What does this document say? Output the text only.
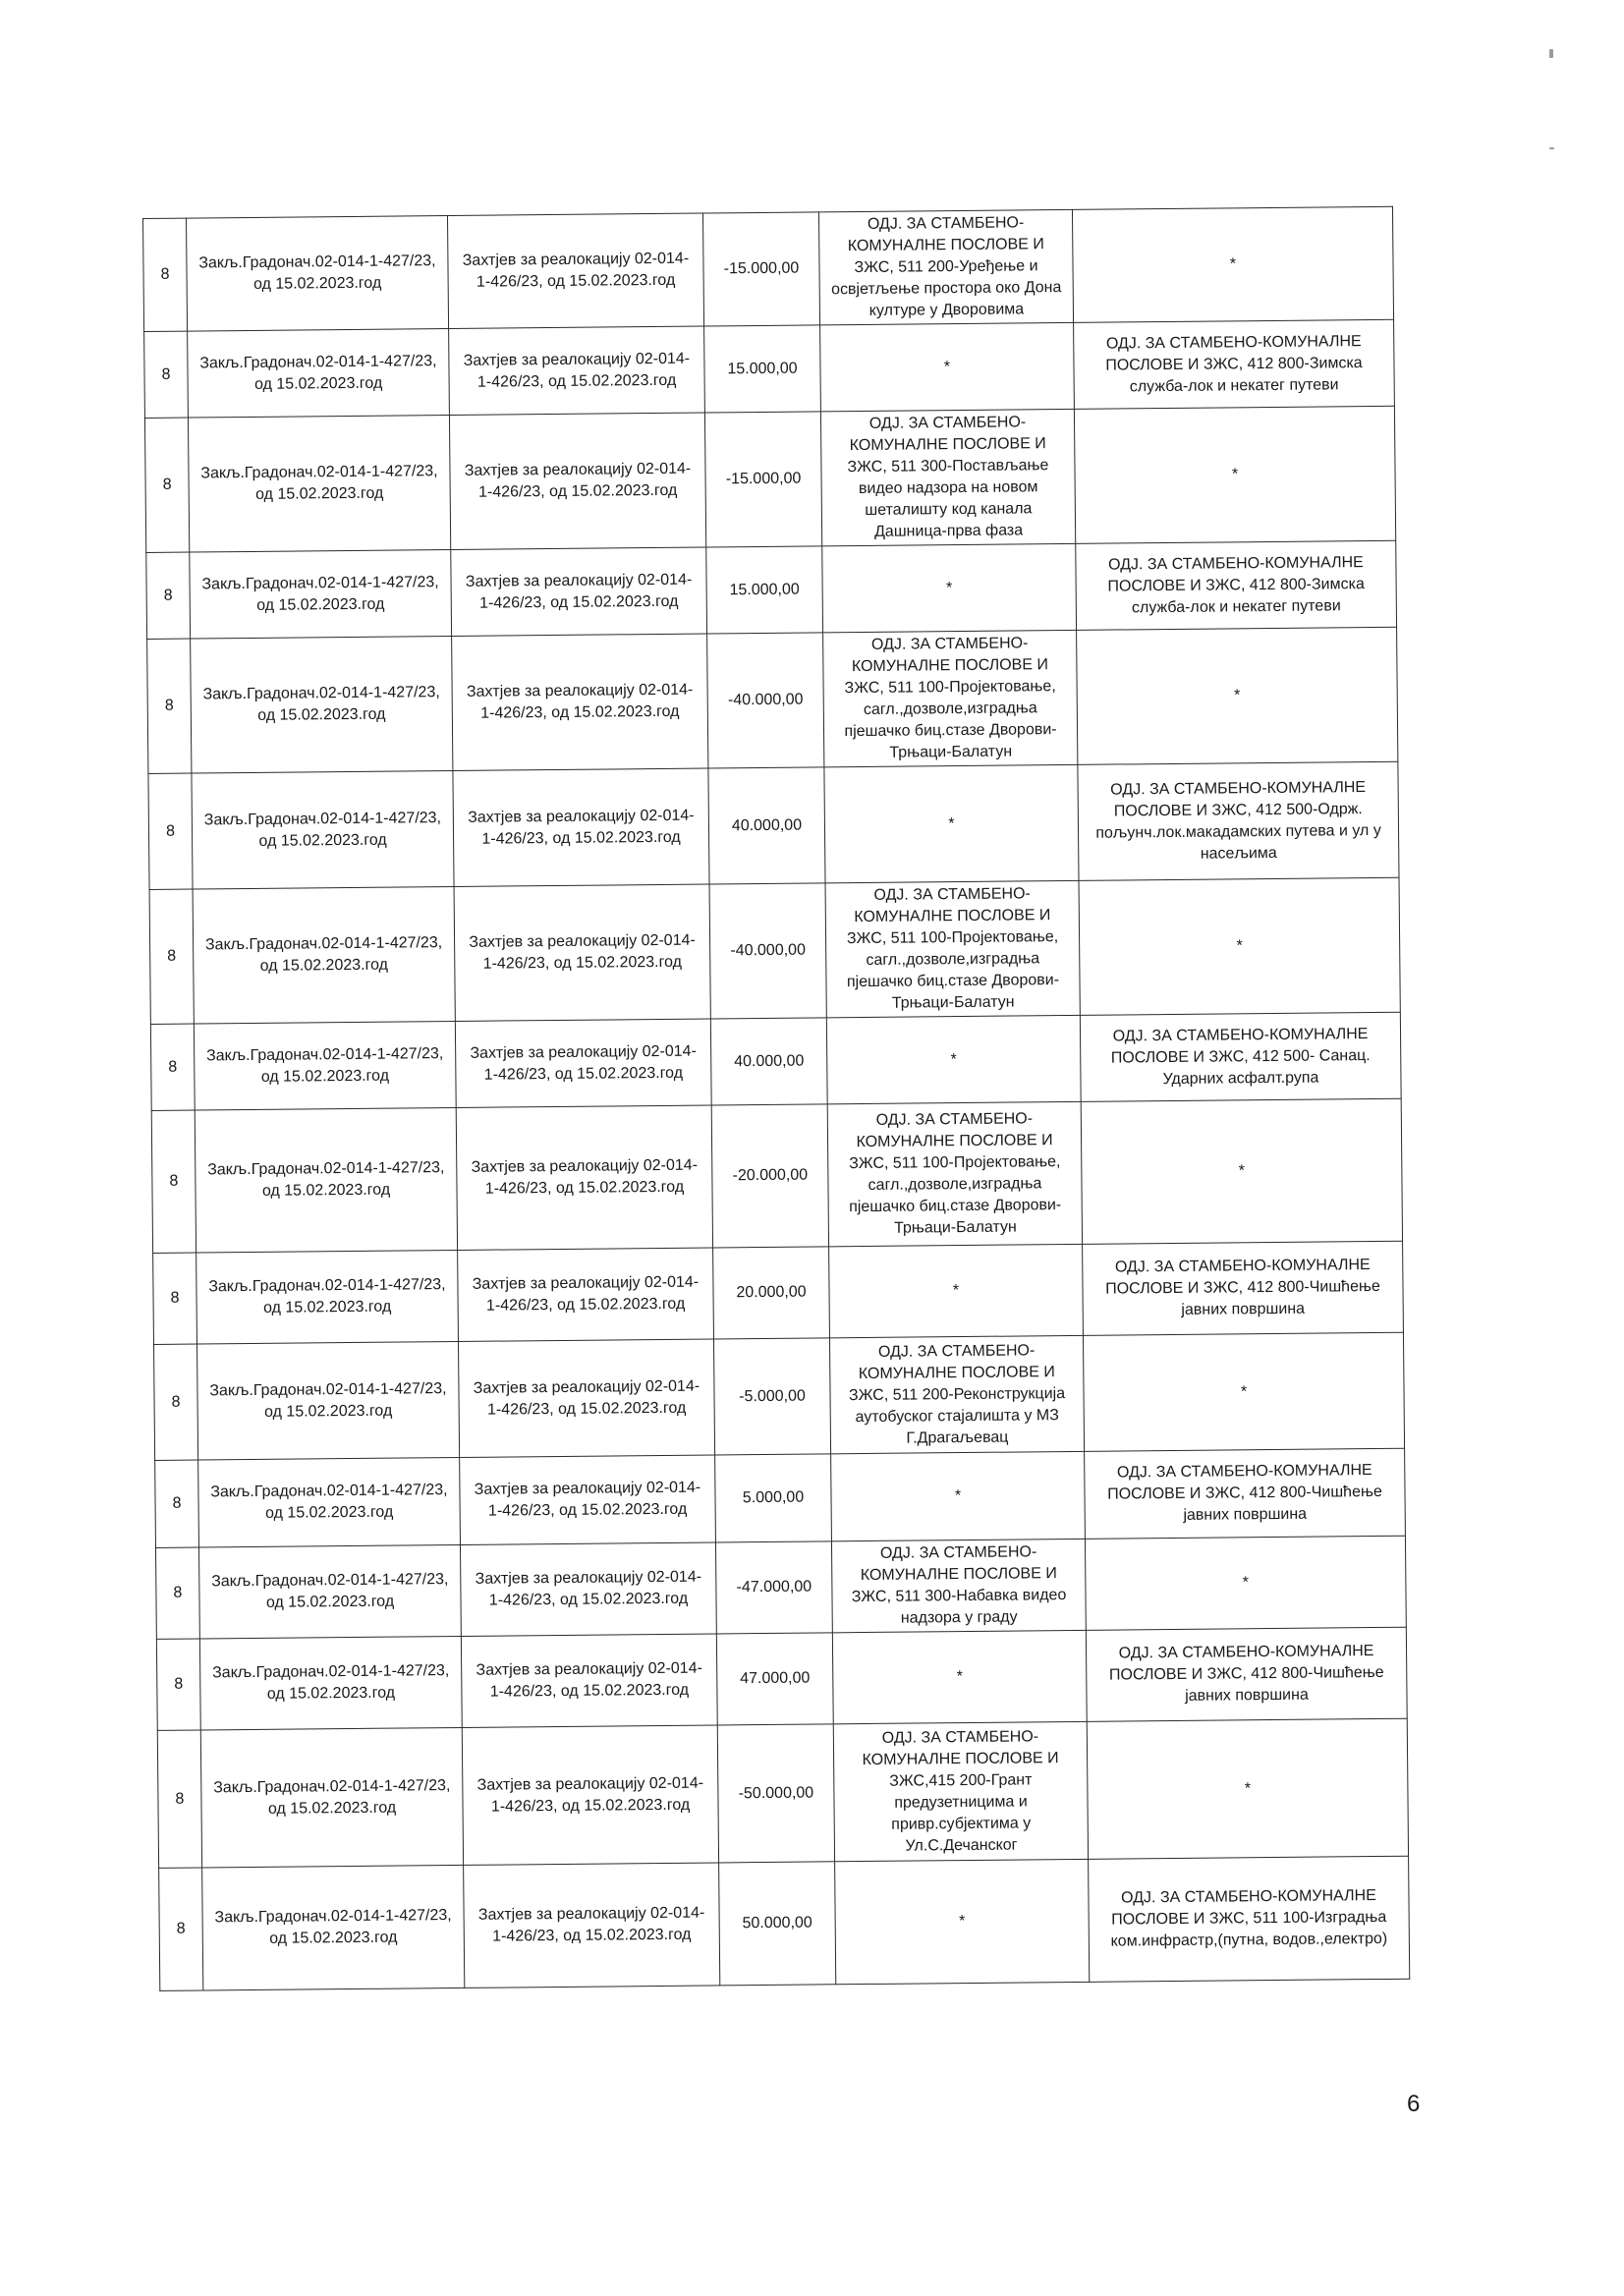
8	Закљ.Градонач.02-014-1-427/23, од 15.02.2023.год	Захтјев за реалокацију 02-014-1-426/23, од 15.02.2023.год	-15.000,00	ОДЈ. ЗА СТАМБЕНО-КОМУНАЛНЕ ПОСЛОВЕ И ЗЖС, 511 200-Уређење и освјетљење простора око Дона културе у Дворовима	*
8	Закљ.Градонач.02-014-1-427/23, од 15.02.2023.год	Захтјев за реалокацију 02-014-1-426/23, од 15.02.2023.год	15.000,00	*	ОДЈ. ЗА СТАМБЕНО-КОМУНАЛНЕ ПОСЛОВЕ И ЗЖС, 412 800-Зимска служба-лок и некатег путеви
8	Закљ.Градонач.02-014-1-427/23, од 15.02.2023.год	Захтјев за реалокацију 02-014-1-426/23, од 15.02.2023.год	-15.000,00	ОДЈ. ЗА СТАМБЕНО-КОМУНАЛНЕ ПОСЛОВЕ И ЗЖС, 511 300-Постављање видео надзора на новом шеталишту код канала Дашница-прва фаза	*
8	Закљ.Градонач.02-014-1-427/23, од 15.02.2023.год	Захтјев за реалокацију 02-014-1-426/23, од 15.02.2023.год	15.000,00	*	ОДЈ. ЗА СТАМБЕНО-КОМУНАЛНЕ ПОСЛОВЕ И ЗЖС, 412 800-Зимска служба-лок и некатег путеви
8	Закљ.Градонач.02-014-1-427/23, од 15.02.2023.год	Захтјев за реалокацију 02-014-1-426/23, од 15.02.2023.год	-40.000,00	ОДЈ. ЗА СТАМБЕНО-КОМУНАЛНЕ ПОСЛОВЕ И ЗЖС, 511 100-Пројектовање, сагл.,дозволе,изградња пјешачко биц.стазе Дворови-Трњаци-Балатун	*
8	Закљ.Градонач.02-014-1-427/23, од 15.02.2023.год	Захтјев за реалокацију 02-014-1-426/23, од 15.02.2023.год	40.000,00	*	ОДЈ. ЗА СТАМБЕНО-КОМУНАЛНЕ ПОСЛОВЕ И ЗЖС, 412 500-Одрж. пољунч.лок.макадамских путева и ул у насељима
8	Закљ.Градонач.02-014-1-427/23, од 15.02.2023.год	Захтјев за реалокацију 02-014-1-426/23, од 15.02.2023.год	-40.000,00	ОДЈ. ЗА СТАМБЕНО-КОМУНАЛНЕ ПОСЛОВЕ И ЗЖС, 511 100-Пројектовање, сагл.,дозволе,изградња пјешачко биц.стазе Дворови-Трњаци-Балатун	*
8	Закљ.Градонач.02-014-1-427/23, од 15.02.2023.год	Захтјев за реалокацију 02-014-1-426/23, од 15.02.2023.год	40.000,00	*	ОДЈ. ЗА СТАМБЕНО-КОМУНАЛНЕ ПОСЛОВЕ И ЗЖС, 412 500- Санац. Ударних асфалт.рупа
8	Закљ.Градонач.02-014-1-427/23, од 15.02.2023.год	Захтјев за реалокацију 02-014-1-426/23, од 15.02.2023.год	-20.000,00	ОДЈ. ЗА СТАМБЕНО-КОМУНАЛНЕ ПОСЛОВЕ И ЗЖС, 511 100-Пројектовање, сагл.,дозволе,изградња пјешачко биц.стазе Дворови-Трњаци-Балатун	*
8	Закљ.Градонач.02-014-1-427/23, од 15.02.2023.год	Захтјев за реалокацију 02-014-1-426/23, од 15.02.2023.год	20.000,00	*	ОДЈ. ЗА СТАМБЕНО-КОМУНАЛНЕ ПОСЛОВЕ И ЗЖС, 412 800-Чишћење јавних површина
8	Закљ.Градонач.02-014-1-427/23, од 15.02.2023.год	Захтјев за реалокацију 02-014-1-426/23, од 15.02.2023.год	-5.000,00	ОДЈ. ЗА СТАМБЕНО-КОМУНАЛНЕ ПОСЛОВЕ И ЗЖС, 511 200-Реконструкција аутобуског стајалишта у МЗ Г.Драгаљевац	*
8	Закљ.Градонач.02-014-1-427/23, од 15.02.2023.год	Захтјев за реалокацију 02-014-1-426/23, од 15.02.2023.год	5.000,00	*	ОДЈ. ЗА СТАМБЕНО-КОМУНАЛНЕ ПОСЛОВЕ И ЗЖС, 412 800-Чишћење јавних површина
8	Закљ.Градонач.02-014-1-427/23, од 15.02.2023.год	Захтјев за реалокацију 02-014-1-426/23, од 15.02.2023.год	-47.000,00	ОДЈ. ЗА СТАМБЕНО-КОМУНАЛНЕ ПОСЛОВЕ И ЗЖС, 511 300-Набавка видео надзора у граду	*
8	Закљ.Градонач.02-014-1-427/23, од 15.02.2023.год	Захтјев за реалокацију 02-014-1-426/23, од 15.02.2023.год	47.000,00	*	ОДЈ. ЗА СТАМБЕНО-КОМУНАЛНЕ ПОСЛОВЕ И ЗЖС, 412 800-Чишћење јавних површина
8	Закљ.Градонач.02-014-1-427/23, од 15.02.2023.год	Захтјев за реалокацију 02-014-1-426/23, од 15.02.2023.год	-50.000,00	ОДЈ. ЗА СТАМБЕНО-КОМУНАЛНЕ ПОСЛОВЕ И ЗЖС,415 200-Грант предузетницима и привр.субјектима у Ул.С.Дечанског	*
8	Закљ.Градонач.02-014-1-427/23, од 15.02.2023.год	Захтјев за реалокацију 02-014-1-426/23, од 15.02.2023.год	50.000,00	*	ОДЈ. ЗА СТАМБЕНО-КОМУНАЛНЕ ПОСЛОВЕ И ЗЖС, 511 100-Изградња ком.инфрастр,(путна, водов.,електро)
6
